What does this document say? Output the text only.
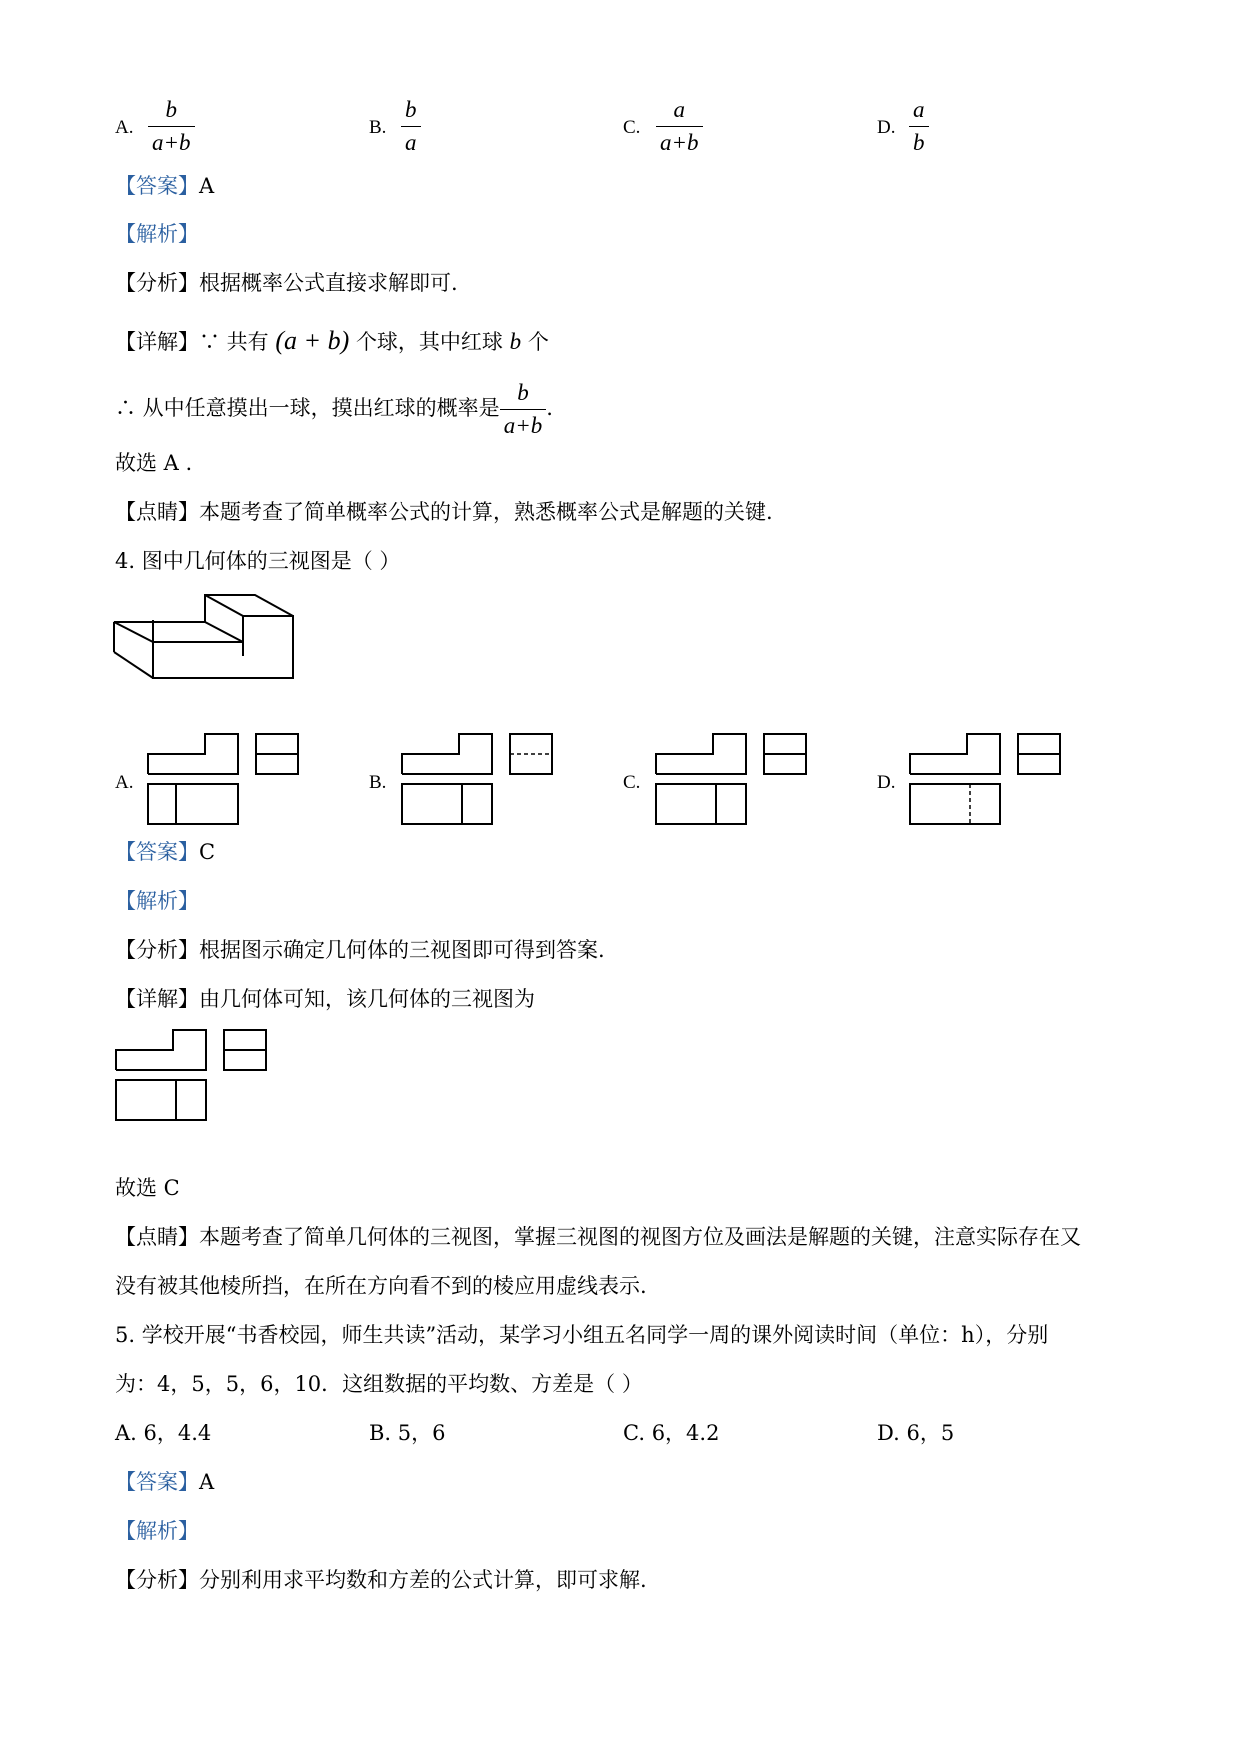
A. $\frac{b}{a+b}$	B. $\frac{b}{a}$	C. $\frac{a}{a+b}$	D. $\frac{a}{b}$
【答案】A
【解析】
【分析】根据概率公式直接求解即可.
【详解】∵ 共有 (a + b) 个球，其中红球 b 个
∴ 从中任意摸出一球，摸出红球的概率是 $\frac{b}{a+b}$ .
故选 A .
【点睛】本题考查了简单概率公式的计算，熟悉概率公式是解题的关键.
4. 图中几何体的三视图是（ ）
A.	B.	C.	D.
【答案】C
【解析】
【分析】根据图示确定几何体的三视图即可得到答案.
【详解】由几何体可知，该几何体的三视图为
故选 C
【点睛】本题考查了简单几何体的三视图，掌握三视图的视图方位及画法是解题的关键，注意实际存在又
没有被其他棱所挡，在所在方向看不到的棱应用虚线表示.
5. 学校开展“书香校园，师生共读”活动，某学习小组五名同学一周的课外阅读时间（单位：h），分别
为：4，5，5，6，10．这组数据的平均数、方差是（ ）
A. 6，4.4	B. 5，6	C. 6，4.2	D. 6，5
【答案】A
【解析】
【分析】分别利用求平均数和方差的公式计算，即可求解.
